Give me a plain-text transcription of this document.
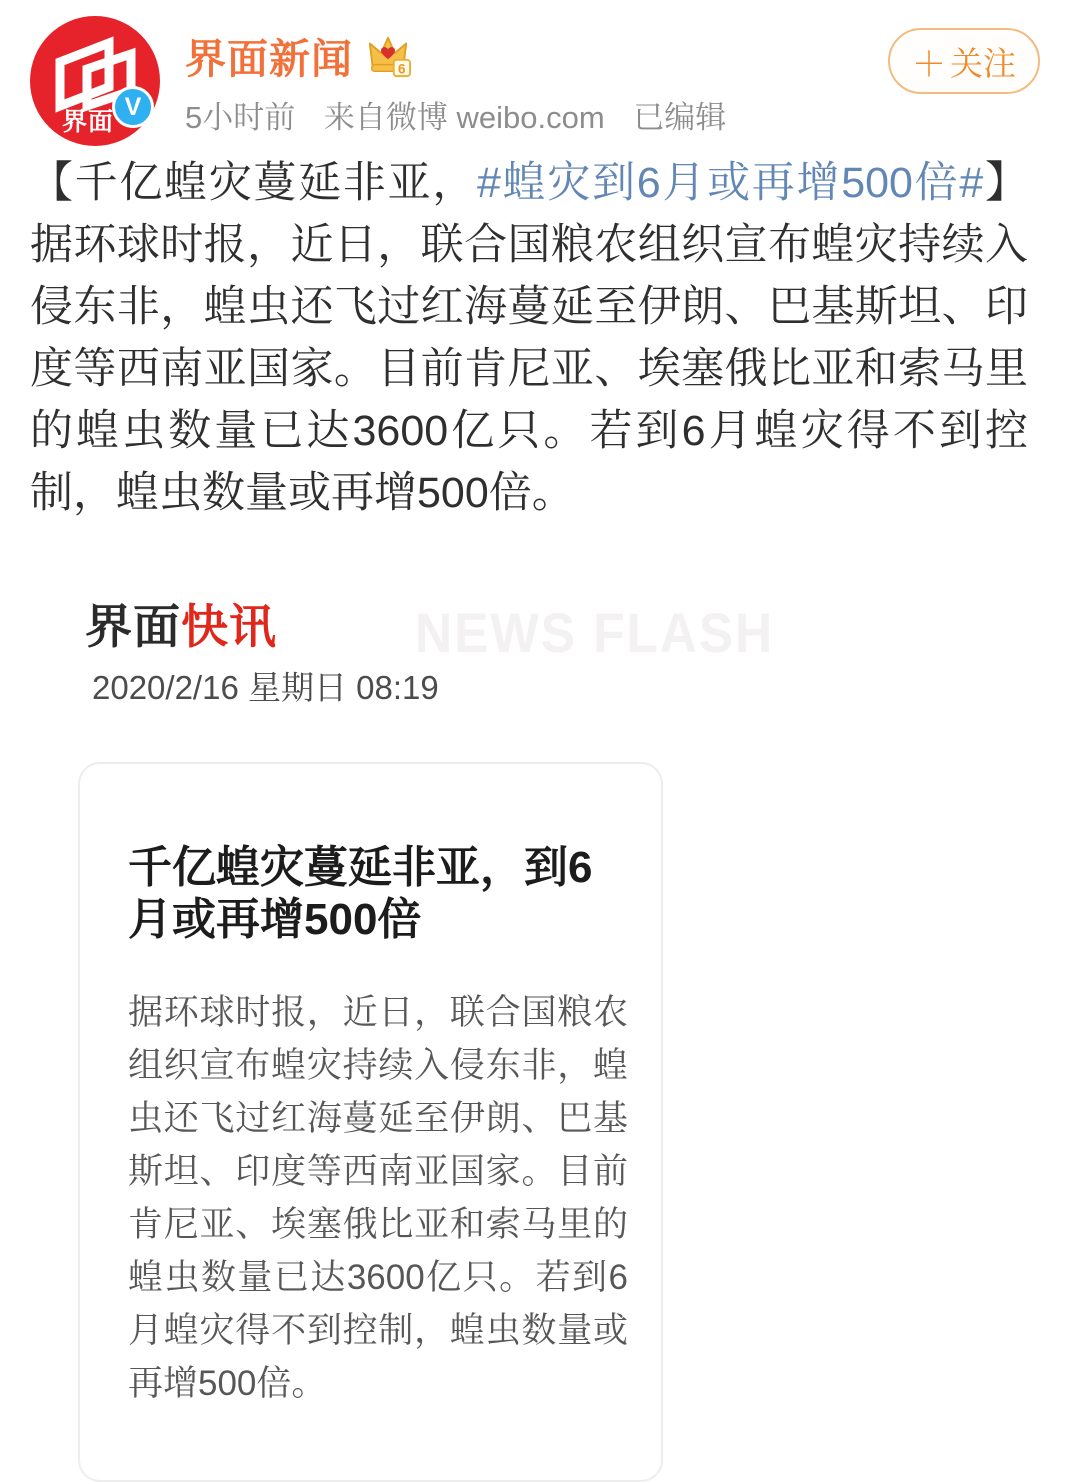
界面
V
界面新闻	6
5小时前 来自微博 weibo.com 已编辑
＋ 关注
【千亿蝗灾蔓延非亚，#蝗灾到6月或再增500倍#】据环球时报，近日，联合国粮农组织宣布蝗灾持续入侵东非，蝗虫还飞过红海蔓延至伊朗、巴基斯坦、印度等西南亚国家。目前肯尼亚、埃塞俄比亚和索马里的蝗虫数量已达3600亿只。若到6月蝗灾得不到控制，蝗虫数量或再增500倍。
界面快讯 NEWS FLASH
2020/2/16 星期日 08:19
千亿蝗灾蔓延非亚，到6月或再增500倍
据环球时报，近日，联合国粮农组织宣布蝗灾持续入侵东非，蝗虫还飞过红海蔓延至伊朗、巴基斯坦、印度等西南亚国家。目前肯尼亚、埃塞俄比亚和索马里的蝗虫数量已达3600亿只。若到6月蝗灾得不到控制，蝗虫数量或再增500倍。
